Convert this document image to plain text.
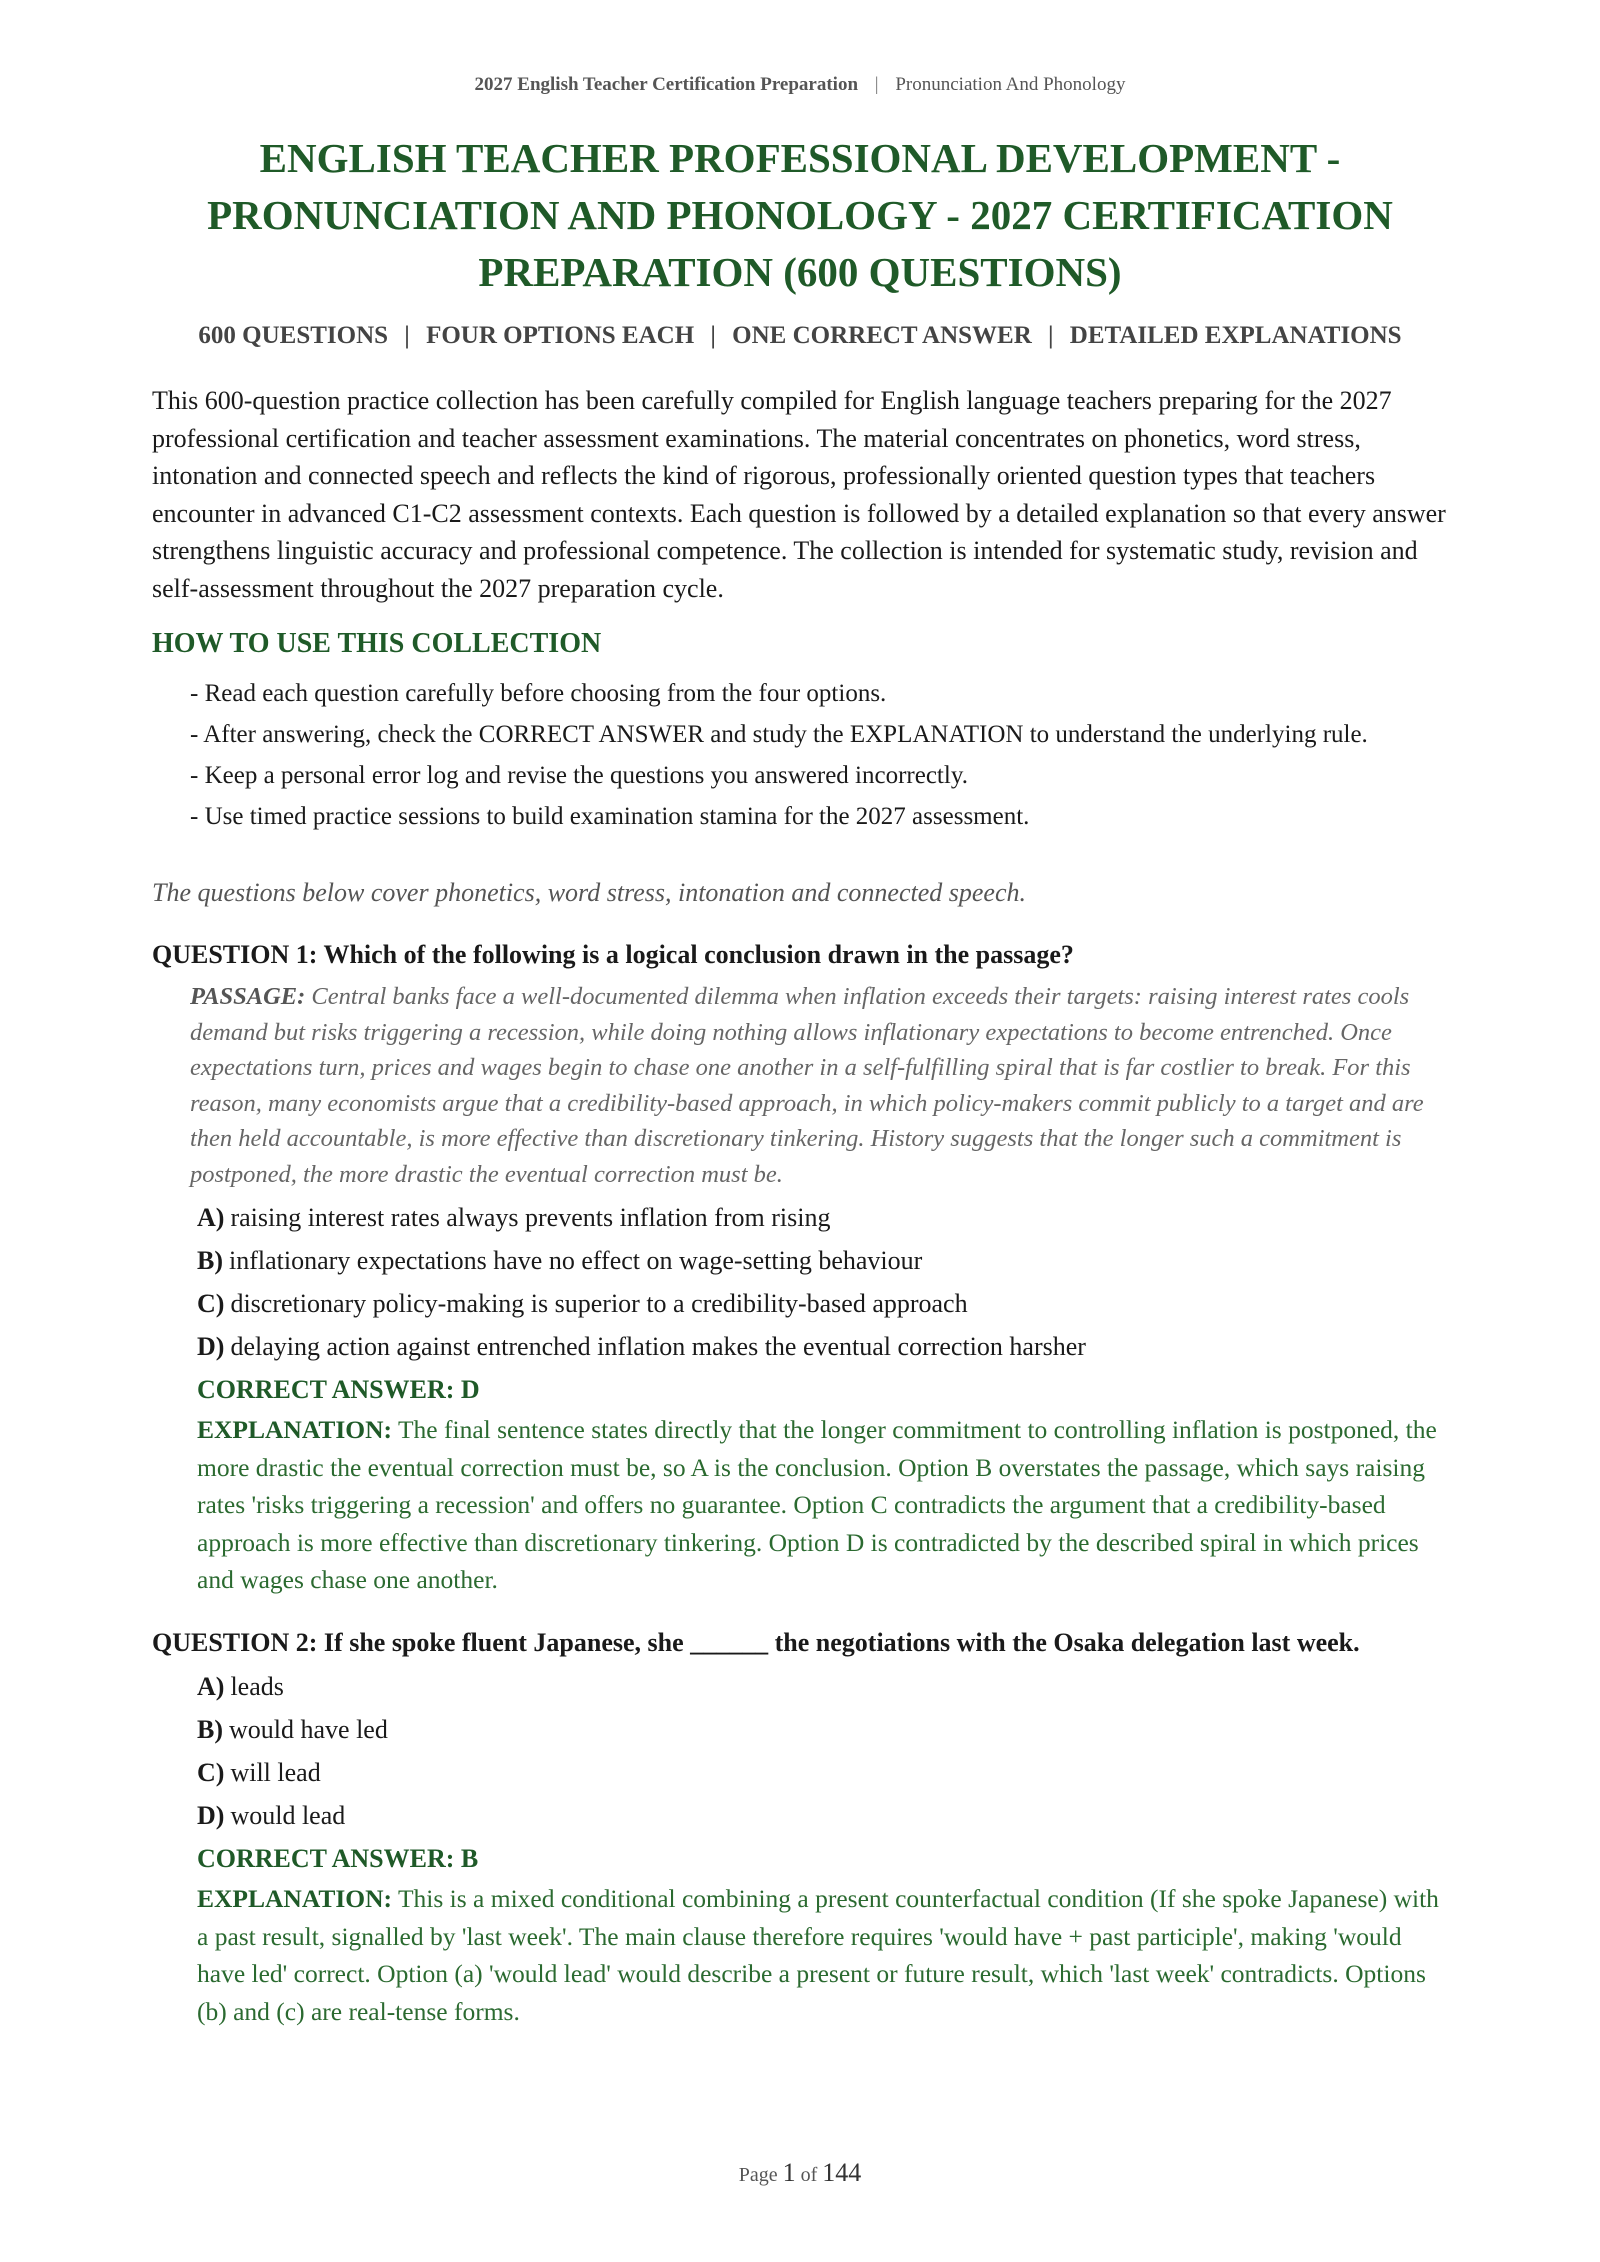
2027 English Teacher Certification Preparation | Pronunciation And Phonology
ENGLISH TEACHER PROFESSIONAL DEVELOPMENT - PRONUNCIATION AND PHONOLOGY - 2027 CERTIFICATION PREPARATION (600 QUESTIONS)
600 QUESTIONS | FOUR OPTIONS EACH | ONE CORRECT ANSWER | DETAILED EXPLANATIONS

This 600-question practice collection has been carefully compiled for English language teachers preparing for the 2027 professional certification and teacher assessment examinations. The material concentrates on phonetics, word stress, intonation and connected speech and reflects the kind of rigorous, professionally oriented question types that teachers encounter in advanced C1-C2 assessment contexts. Each question is followed by a detailed explanation so that every answer strengthens linguistic accuracy and professional competence. The collection is intended for systematic study, revision and self-assessment throughout the 2027 preparation cycle.

HOW TO USE THIS COLLECTION
- Read each question carefully before choosing from the four options.
- After answering, check the CORRECT ANSWER and study the EXPLANATION to understand the underlying rule.
- Keep a personal error log and revise the questions you answered incorrectly.
- Use timed practice sessions to build examination stamina for the 2027 assessment.

The questions below cover phonetics, word stress, intonation and connected speech.

QUESTION 1: Which of the following is a logical conclusion drawn in the passage?

PASSAGE: Central banks face a well-documented dilemma when inflation exceeds their targets: raising interest rates cools demand but risks triggering a recession, while doing nothing allows inflationary expectations to become entrenched. Once expectations turn, prices and wages begin to chase one another in a self-fulfilling spiral that is far costlier to break. For this reason, many economists argue that a credibility-based approach, in which policy-makers commit publicly to a target and are then held accountable, is more effective than discretionary tinkering. History suggests that the longer such a commitment is postponed, the more drastic the eventual correction must be.
A) raising interest rates always prevents inflation from rising
B) inflationary expectations have no effect on wage-setting behaviour
C) discretionary policy-making is superior to a credibility-based approach
D) delaying action against entrenched inflation makes the eventual correction harsher

CORRECT ANSWER: D

EXPLANATION: The final sentence states directly that the longer commitment to controlling inflation is postponed, the more drastic the eventual correction must be, so A is the conclusion. Option B overstates the passage, which says raising rates 'risks triggering a recession' and offers no guarantee. Option C contradicts the argument that a credibility-based approach is more effective than discretionary tinkering. Option D is contradicted by the described spiral in which prices and wages chase one another.

QUESTION 2: If she spoke fluent Japanese, she ______ the negotiations with the Osaka delegation last week.

A) leads
B) would have led
C) will lead
D) would lead

CORRECT ANSWER: B

EXPLANATION: This is a mixed conditional combining a present counterfactual condition (If she spoke Japanese) with a past result, signalled by 'last week'. The main clause therefore requires 'would have + past participle', making 'would have led' correct. Option (a) 'would lead' would describe a present or future result, which 'last week' contradicts. Options (b) and (c) are real-tense forms.

Page 1 of 144
